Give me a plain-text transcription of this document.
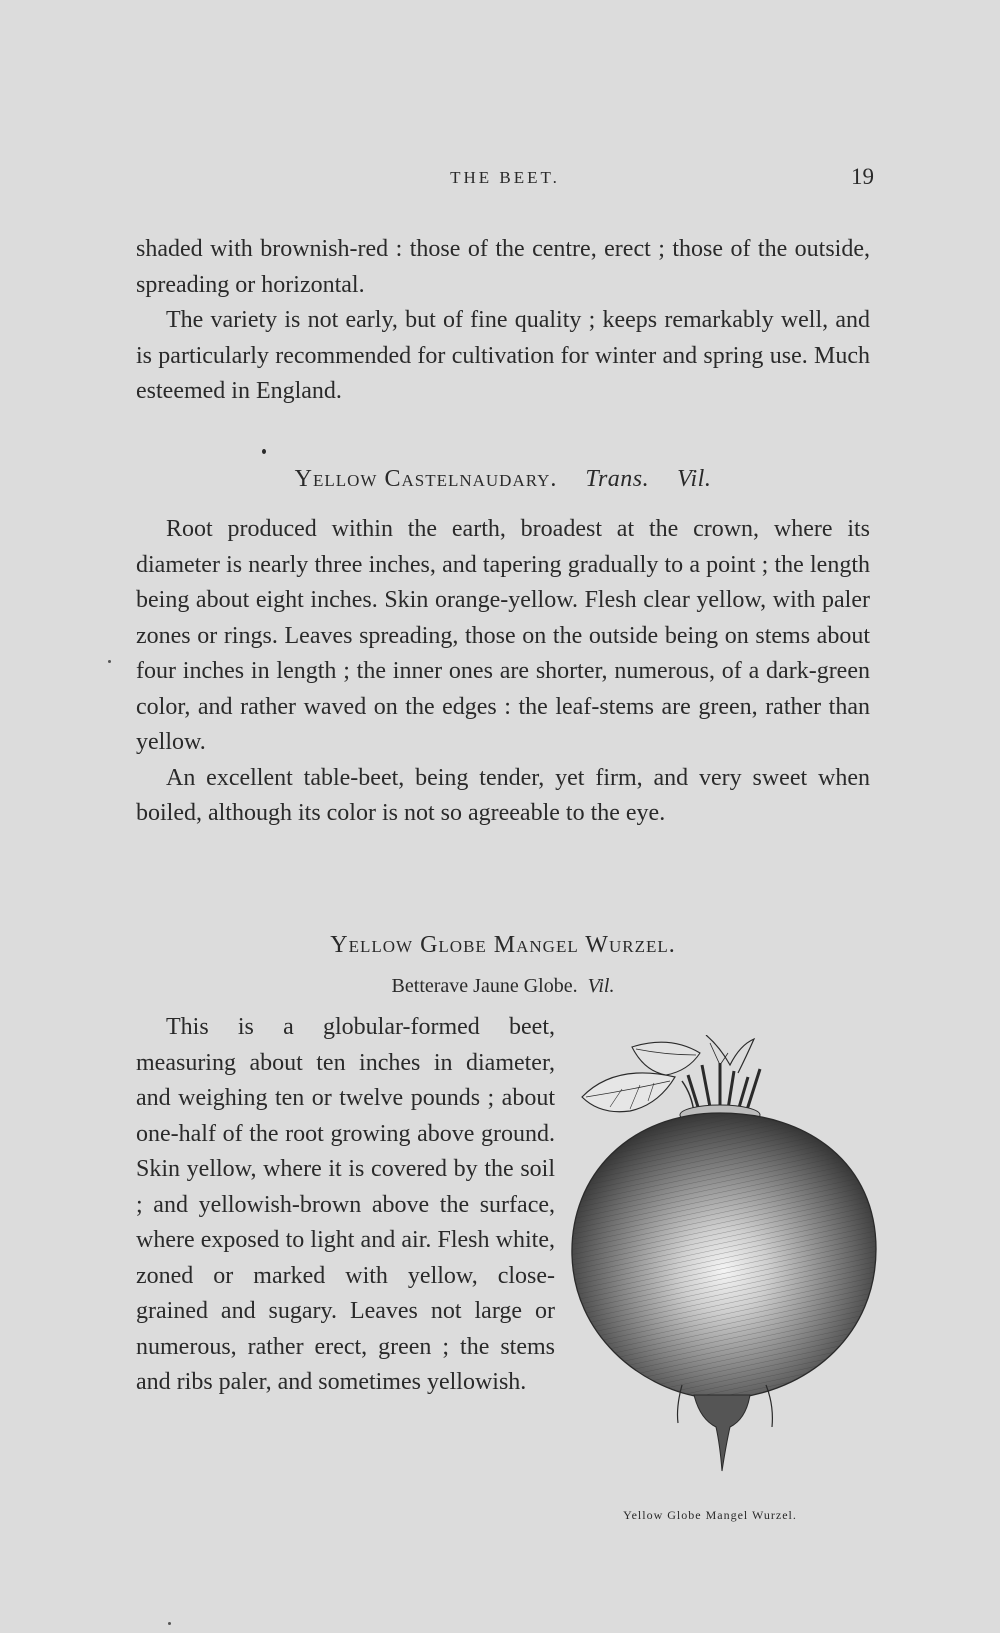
THE BEET.	19

shaded with brownish-red : those of the centre, erect ; those of the outside, spreading or horizontal.

The variety is not early, but of fine quality ; keeps remarkably well, and is particularly recommended for cultivation for winter and spring use. Much esteemed in England.

Yellow Castelnaudary. Trans. Vil.

Root produced within the earth, broadest at the crown, where its diameter is nearly three inches, and tapering gradually to a point ; the length being about eight inches. Skin orange-yellow. Flesh clear yellow, with paler zones or rings. Leaves spreading, those on the outside being on stems about four inches in length ; the inner ones are shorter, numerous, of a dark-green color, and rather waved on the edges : the leaf-stems are green, rather than yellow.

An excellent table-beet, being tender, yet firm, and very sweet when boiled, although its color is not so agreeable to the eye.

Yellow Globe Mangel Wurzel.
Betterave Jaune Globe. Vil.

This is a globular-formed beet, measuring about ten inches in diameter, and weighing ten or twelve pounds ; about one-half of the root growing above ground. Skin yellow, where it is covered by the soil ; and yellowish-brown above the surface, where exposed to light and air. Flesh white, zoned or marked with yellow, close-grained and sugary. Leaves not large or numerous, rather erect, green ; the stems and ribs paler, and sometimes yellowish.

Yellow Globe Mangel Wurzel.
